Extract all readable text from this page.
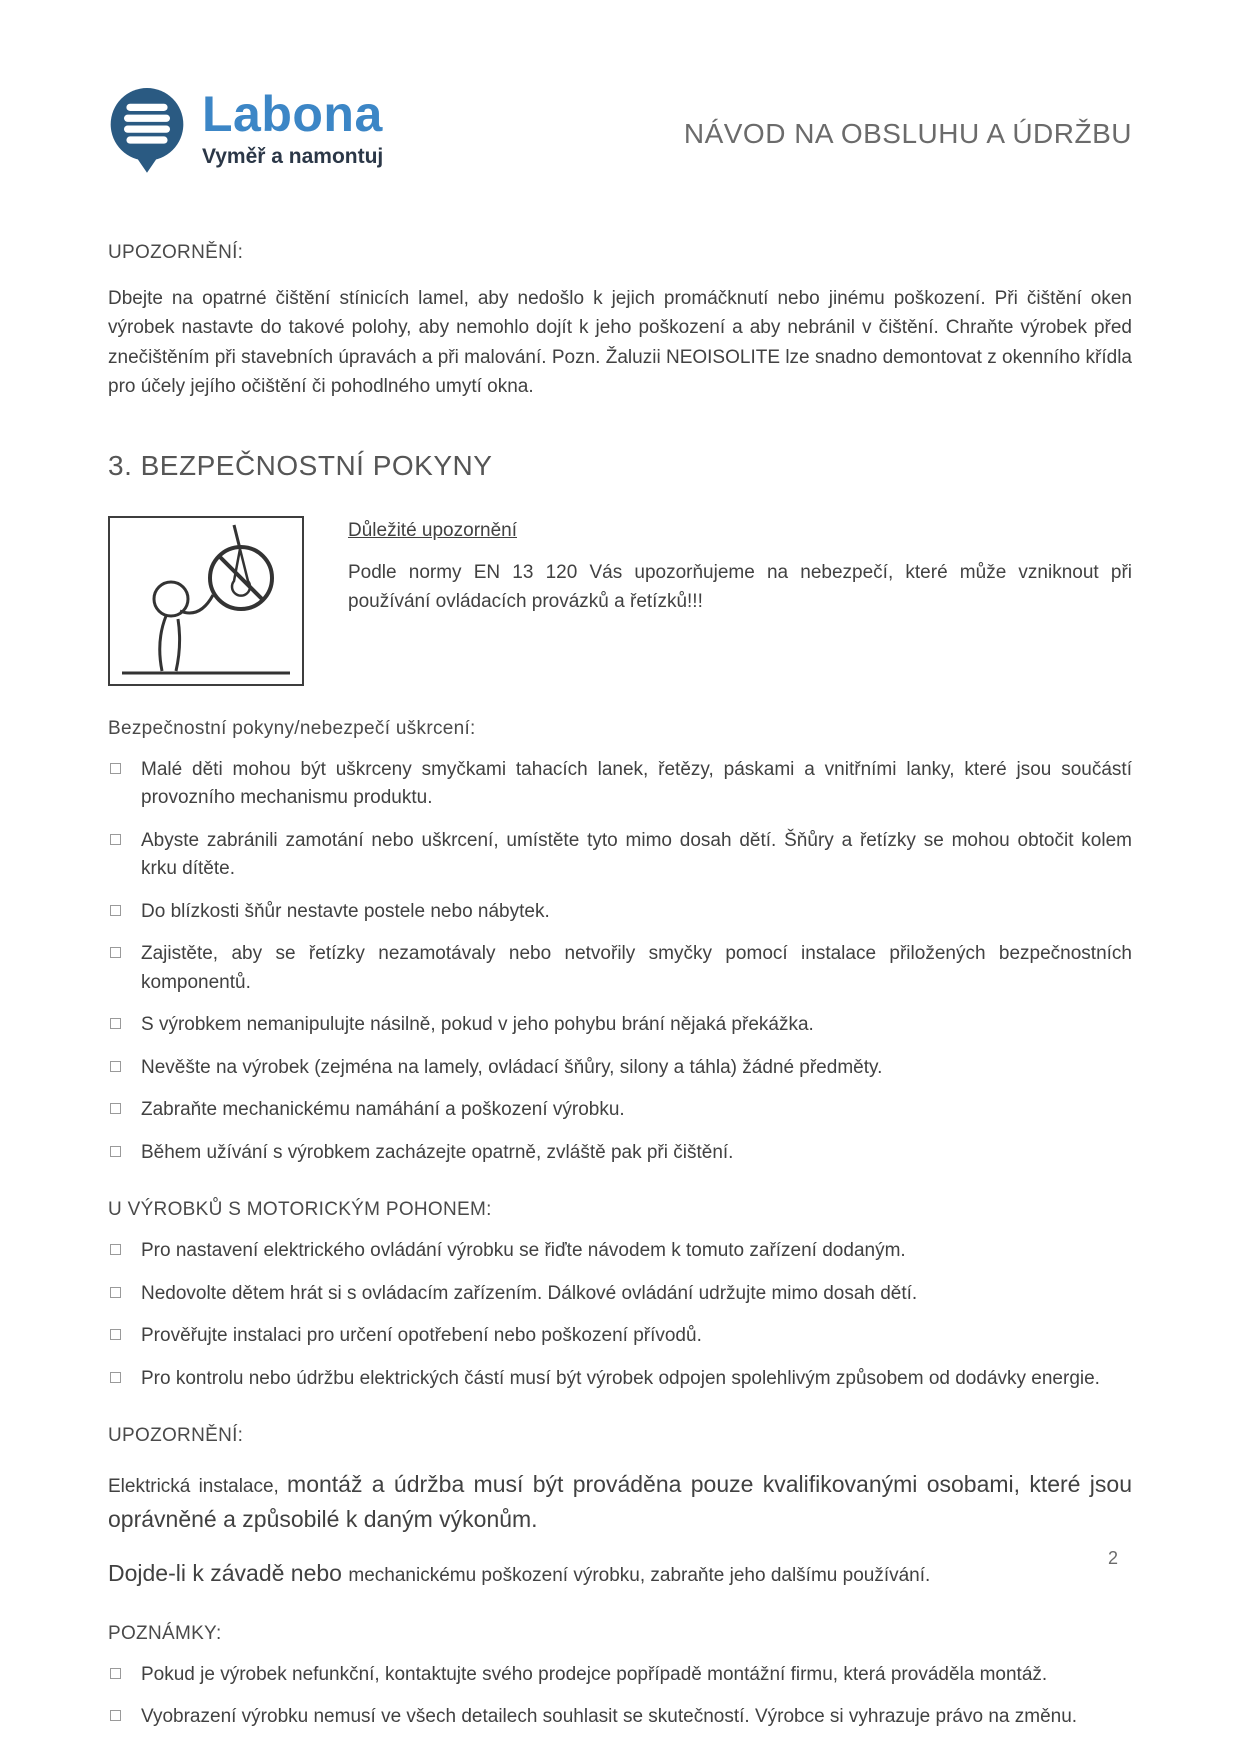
Labona
Vyměř a namontuj
NÁVOD NA OBSLUHU A ÚDRŽBU
UPOZORNĚNÍ:
Dbejte na opatrné čištění stínicích lamel, aby nedošlo k jejich promáčknutí nebo jinému poškození. Při čištění oken výrobek nastavte do takové polohy, aby nemohlo dojít k jeho poškození a aby nebránil v čištění. Chraňte výrobek před znečištěním při stavebních úpravách a při malování. Pozn. Žaluzii NEOISOLITE lze snadno demontovat z okenního křídla pro účely jejího očištění či pohodlného umytí okna.
3. BEZPEČNOSTNÍ POKYNY
Důležité upozornění
Podle normy EN 13 120 Vás upozorňujeme na nebezpečí, které může vzniknout při používání ovládacích provázků a řetízků!!!
Bezpečnostní pokyny/nebezpečí uškrcení:
Malé děti mohou být uškrceny smyčkami tahacích lanek, řetězy, páskami a vnitřními lanky, které jsou součástí provozního mechanismu produktu.
Abyste zabránili zamotání nebo uškrcení, umístěte tyto mimo dosah dětí. Šňůry a řetízky se mohou obtočit kolem krku dítěte.
Do blízkosti šňůr nestavte postele nebo nábytek.
Zajistěte, aby se řetízky nezamotávaly nebo netvořily smyčky pomocí instalace přiložených bezpečnostních komponentů.
S výrobkem nemanipulujte násilně, pokud v jeho pohybu brání nějaká překážka.
Nevěšte na výrobek (zejména na lamely, ovládací šňůry, silony a táhla) žádné předměty.
Zabraňte mechanickému namáhání a poškození výrobku.
Během užívání s výrobkem zacházejte opatrně, zvláště pak při čištění.
U VÝROBKŮ S MOTORICKÝM POHONEM:
Pro nastavení elektrického ovládání výrobku se řiďte návodem k tomuto zařízení dodaným.
Nedovolte dětem hrát si s ovládacím zařízením. Dálkové ovládání udržujte mimo dosah dětí.
Prověřujte instalaci pro určení opotřebení nebo poškození přívodů.
Pro kontrolu nebo údržbu elektrických částí musí být výrobek odpojen spolehlivým způsobem od dodávky energie.
UPOZORNĚNÍ:
Elektrická instalace, montáž a údržba musí být prováděna pouze kvalifikovanými osobami, které jsou oprávněné a způsobilé k daným výkonům.
Dojde-li k závadě nebo mechanickému poškození výrobku, zabraňte jeho dalšímu používání.
POZNÁMKY:
Pokud je výrobek nefunkční, kontaktujte svého prodejce popřípadě montážní firmu, která prováděla montáž.
Vyobrazení výrobku nemusí ve všech detailech souhlasit se skutečností. Výrobce si vyhrazuje právo na změnu.
2
